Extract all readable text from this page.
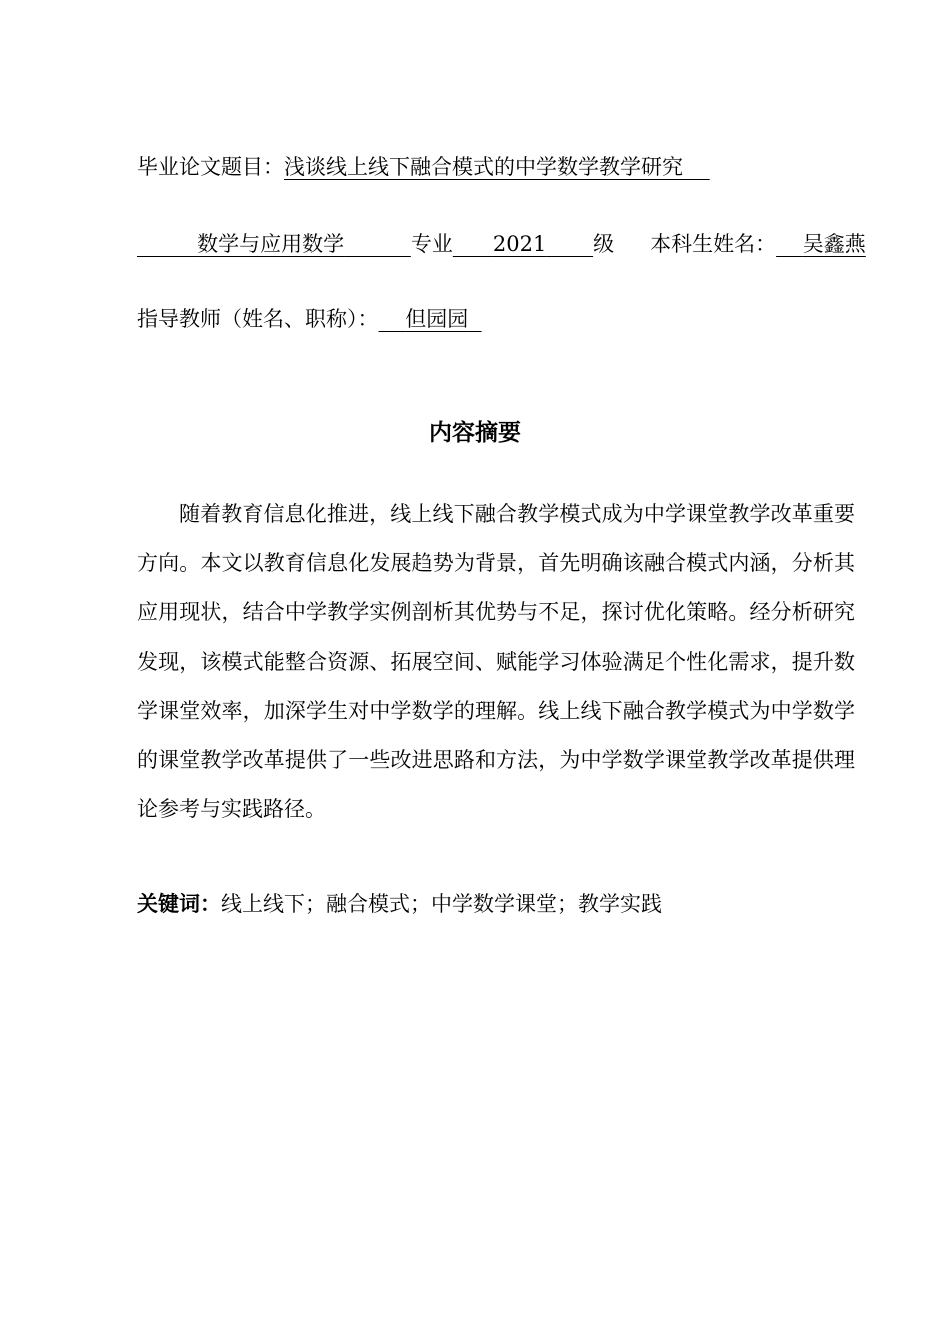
毕业论文题目：浅谈线上线下融合模式的中学数学教学研究
数学与应用数学	专业 2021 级 本科生姓名： 吴鑫燕
指导教师（姓名、职称）： 但园园
内容摘要

随着教育信息化推进，线上线下融合教学模式成为中学课堂教学改革重要方向。本文以教育信息化发展趋势为背景，首先明确该融合模式内涵，分析其应用现状，结合中学教学实例剖析其优势与不足，探讨优化策略。经分析研究发现，该模式能整合资源、拓展空间、赋能学习体验满足个性化需求，提升数学课堂效率，加深学生对中学数学的理解。线上线下融合教学模式为中学数学的课堂教学改革提供了一些改进思路和方法，为中学数学课堂教学改革提供理论参考与实践路径。

关键词：线上线下；融合模式；中学数学课堂；教学实践
